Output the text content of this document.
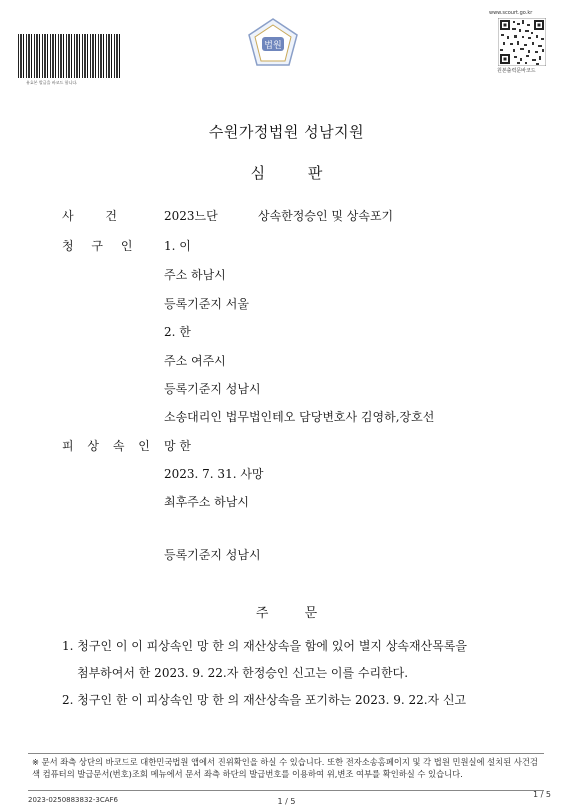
유효본 발급을 바코드 합니다.
법원
www.scourt.go.kr
원본출력문바코드
수원가정법원 성남지원
심 판
사 건	2023느단	상속한정승인 및 상속포기
청 구 인 1. 이
주소 하남시
등록기준지 서울
2. 한
주소 여주시
등록기준지 성남시
소송대리인 법무법인테오 담당변호사 김영하,장호선
피 상 속 인 망 한
2023. 7. 31. 사망
최후주소 하남시
등록기준지 성남시
주 문
1. 청구인 이 이 피상속인 망 한 의 재산상속을 함에 있어 별지 상속재산목록을
첨부하여서 한 2023. 9. 22.자 한정승인 신고는 이를 수리한다.
2. 청구인 한 이 피상속인 망 한 의 재산상속을 포기하는 2023. 9. 22.자 신고
※ 문서 좌측 상단의 바코드로 대한민국법원 앱에서 진위확인을 하실 수 있습니다. 또한 전자소송홈페이지 및 각 법원 민원실에 설치된 사건검색 컴퓨터의 발급문서(번호)조회 메뉴에서 문서 좌측 하단의 발급번호를 이용하여 위,변조 여부를 확인하실 수 있습니다.
2023-0250883832-3CAF6	1 / 5
1 / 5
